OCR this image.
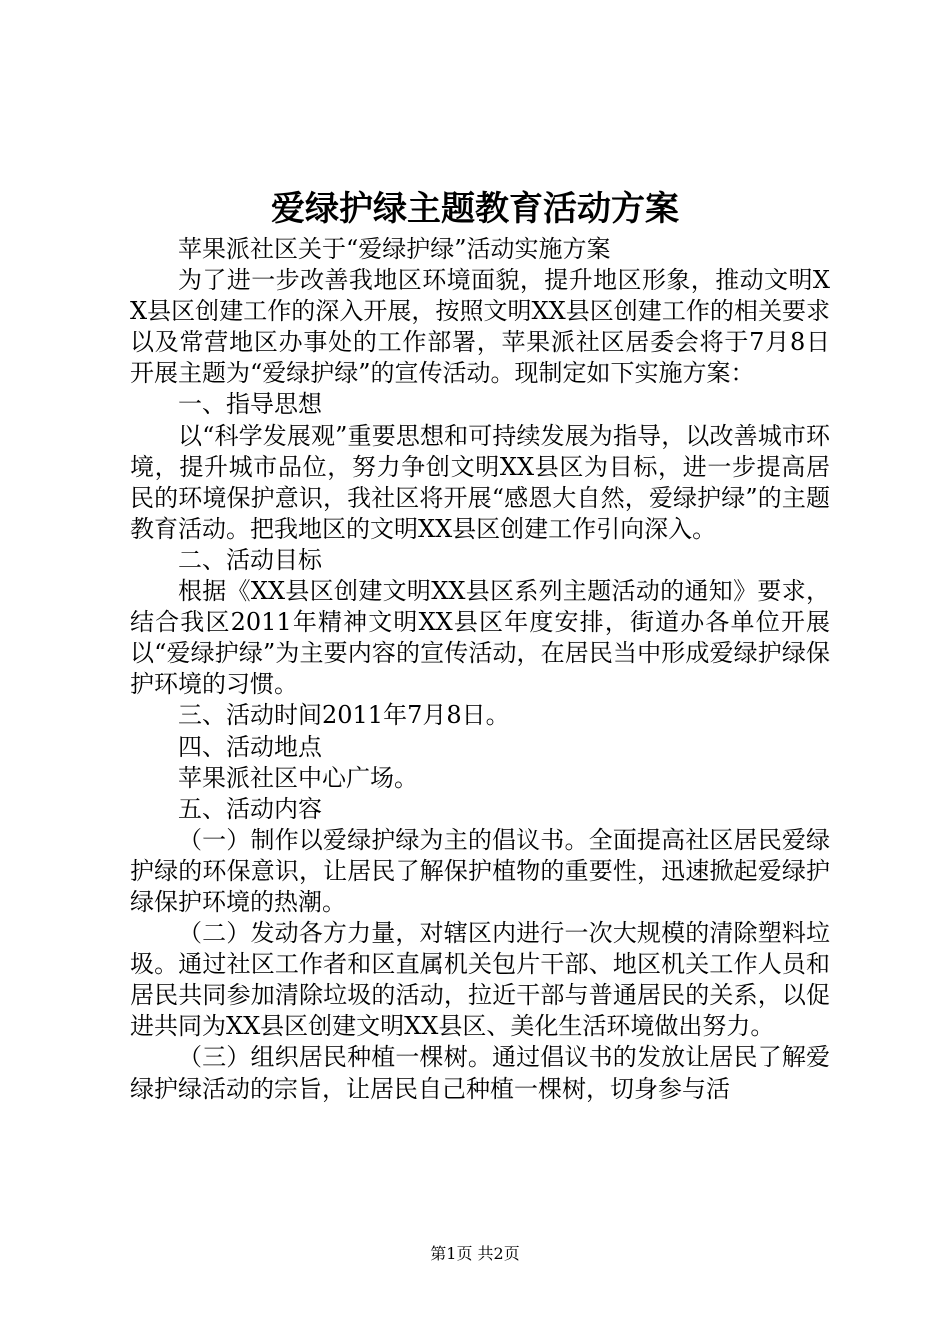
爱绿护绿主题教育活动方案

苹果派社区关于“爱绿护绿”活动实施方案

为了进一步改善我地区环境面貌，提升地区形象，推动文明XX县区创建工作的深入开展，按照文明XX县区创建工作的相关要求以及常营地区办事处的工作部署，苹果派社区居委会将于7月8日开展主题为“爱绿护绿”的宣传活动。现制定如下实施方案：

一、指导思想

以“科学发展观”重要思想和可持续发展为指导，以改善城市环境，提升城市品位，努力争创文明XX县区为目标，进一步提高居民的环境保护意识，我社区将开展“感恩大自然，爱绿护绿”的主题教育活动。把我地区的文明XX县区创建工作引向深入。

二、活动目标

根据《XX县区创建文明XX县区系列主题活动的通知》要求，结合我区2011年精神文明XX县区年度安排，街道办各单位开展以“爱绿护绿”为主要内容的宣传活动，在居民当中形成爱绿护绿保护环境的习惯。

三、活动时间2011年7月8日。

四、活动地点

苹果派社区中心广场。

五、活动内容

（一）制作以爱绿护绿为主的倡议书。全面提高社区居民爱绿护绿的环保意识，让居民了解保护植物的重要性，迅速掀起爱绿护绿保护环境的热潮。

（二）发动各方力量，对辖区内进行一次大规模的清除塑料垃圾。通过社区工作者和区直属机关包片干部、地区机关工作人员和居民共同参加清除垃圾的活动，拉近干部与普通居民的关系，以促进共同为XX县区创建文明XX县区、美化生活环境做出努力。

（三）组织居民种植一棵树。通过倡议书的发放让居民了解爱绿护绿活动的宗旨，让居民自己种植一棵树，切身参与活

第1页 共2页
